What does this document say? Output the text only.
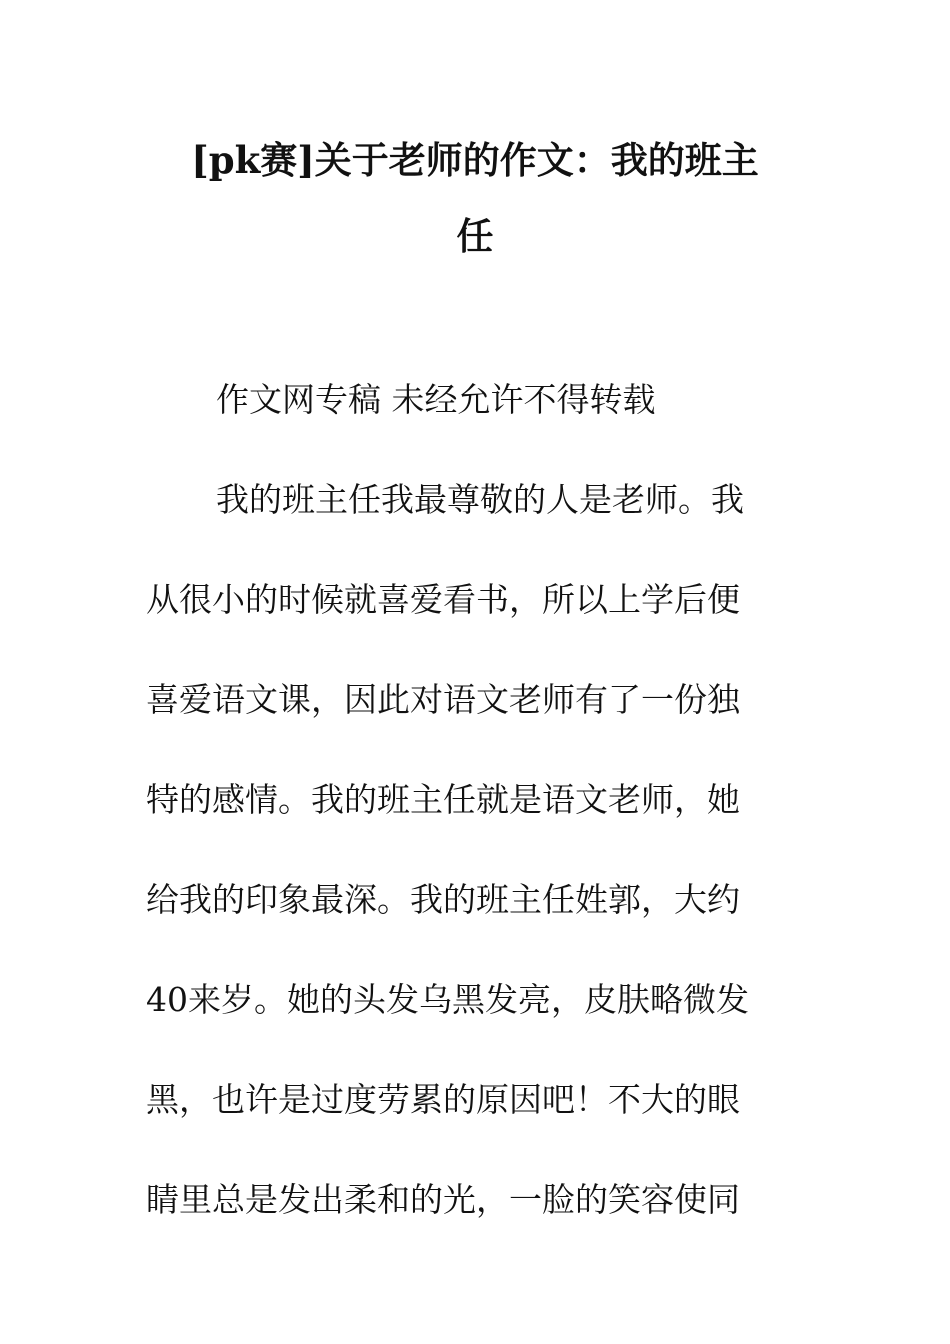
[pk赛]关于老师的作文：我的班主
任
作文网专稿 未经允许不得转载
我的班主任我最尊敬的人是老师。我
从很小的时候就喜爱看书，所以上学后便
喜爱语文课，因此对语文老师有了一份独
特的感情。我的班主任就是语文老师，她
给我的印象最深。我的班主任姓郭，大约
40来岁。她的头发乌黑发亮，皮肤略微发
黑，也许是过度劳累的原因吧！不大的眼
睛里总是发出柔和的光，一脸的笑容使同
